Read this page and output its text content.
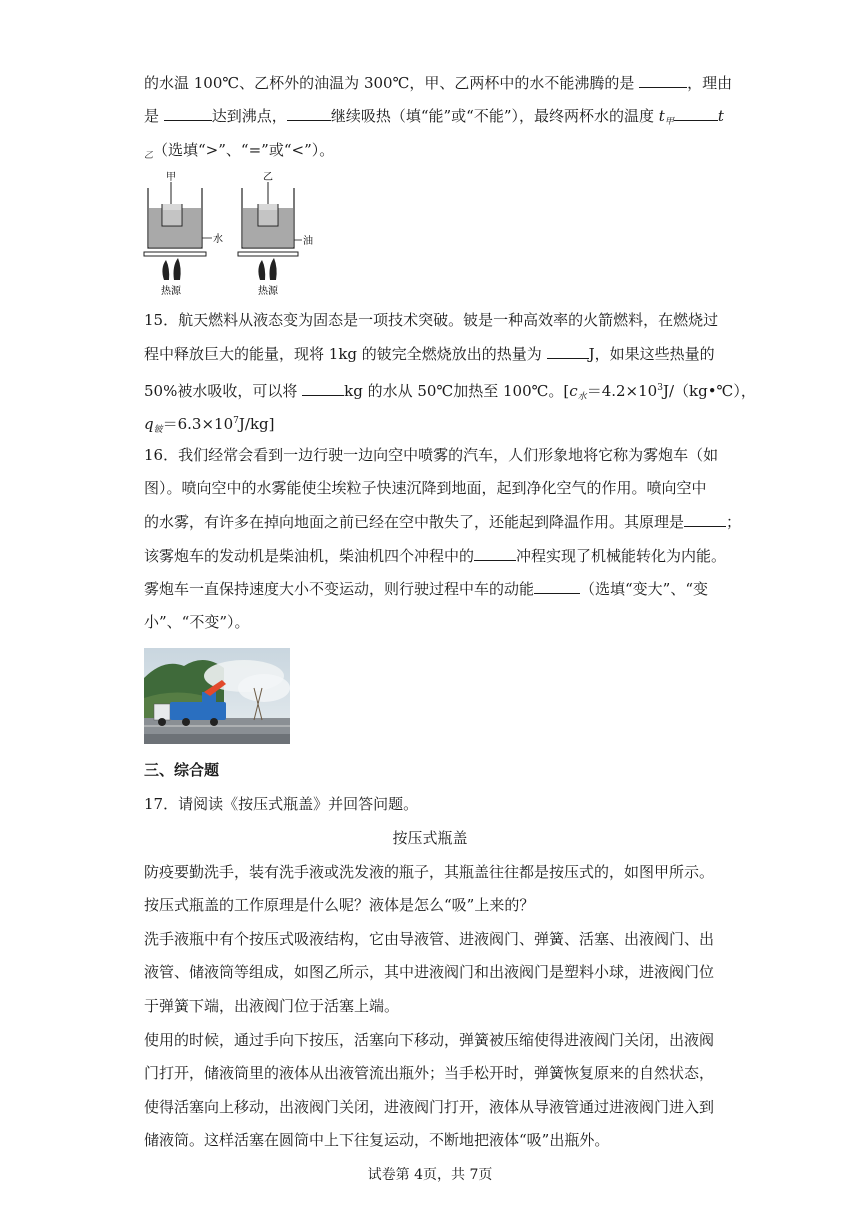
的水温 100℃、乙杯外的油温为 300℃，甲、乙两杯中的水不能沸腾的是	，理由
是	达到沸点，	继续吸热（填“能”或“不能”），最终两杯水的温度 $t_甲$	t
$_乙$（选填“>”、“=”或“<”）。
甲
水
热源
乙
油
热源
15．航天燃料从液态变为固态是一项技术突破。铍是一种高效率的火箭燃料，在燃烧过
程中释放巨大的能量，现将 1kg 的铍完全燃烧放出的热量为	J，如果这些热量的
50%被水吸收，可以将	kg 的水从 50℃加热至 100℃。[$c_水=4.2\times 10^3J/(kg•℃)$，
$q_铍=6.3\times 10^7J/kg$]
16．我们经常会看到一边行驶一边向空中喷雾的汽车，人们形象地将它称为雾炮车（如
图）。喷向空中的水雾能使尘埃粒子快速沉降到地面，起到净化空气的作用。喷向空中
的水雾，有许多在掉向地面之前已经在空中散失了，还能起到降温作用。其原理是	；
该雾炮车的发动机是柴油机，柴油机四个冲程中的	冲程实现了机械能转化为内能。
雾炮车一直保持速度大小不变运动，则行驶过程中车的动能	（选填“变大”、“变
小”、“不变”）。
三、综合题
17．请阅读《按压式瓶盖》并回答问题。
按压式瓶盖
防疫要勤洗手，装有洗手液或洗发液的瓶子，其瓶盖往往都是按压式的，如图甲所示。
按压式瓶盖的工作原理是什么呢？液体是怎么“吸”上来的？
洗手液瓶中有个按压式吸液结构，它由导液管、进液阀门、弹簧、活塞、出液阀门、出
液管、储液筒等组成，如图乙所示，其中进液阀门和出液阀门是塑料小球，进液阀门位
于弹簧下端，出液阀门位于活塞上端。
使用的时候，通过手向下按压，活塞向下移动，弹簧被压缩使得进液阀门关闭，出液阀
门打开，储液筒里的液体从出液管流出瓶外；当手松开时，弹簧恢复原来的自然状态，
使得活塞向上移动，出液阀门关闭，进液阀门打开，液体从导液管通过进液阀门进入到
储液筒。这样活塞在圆筒中上下往复运动，不断地把液体“吸”出瓶外。
试卷第 4页，共 7页
